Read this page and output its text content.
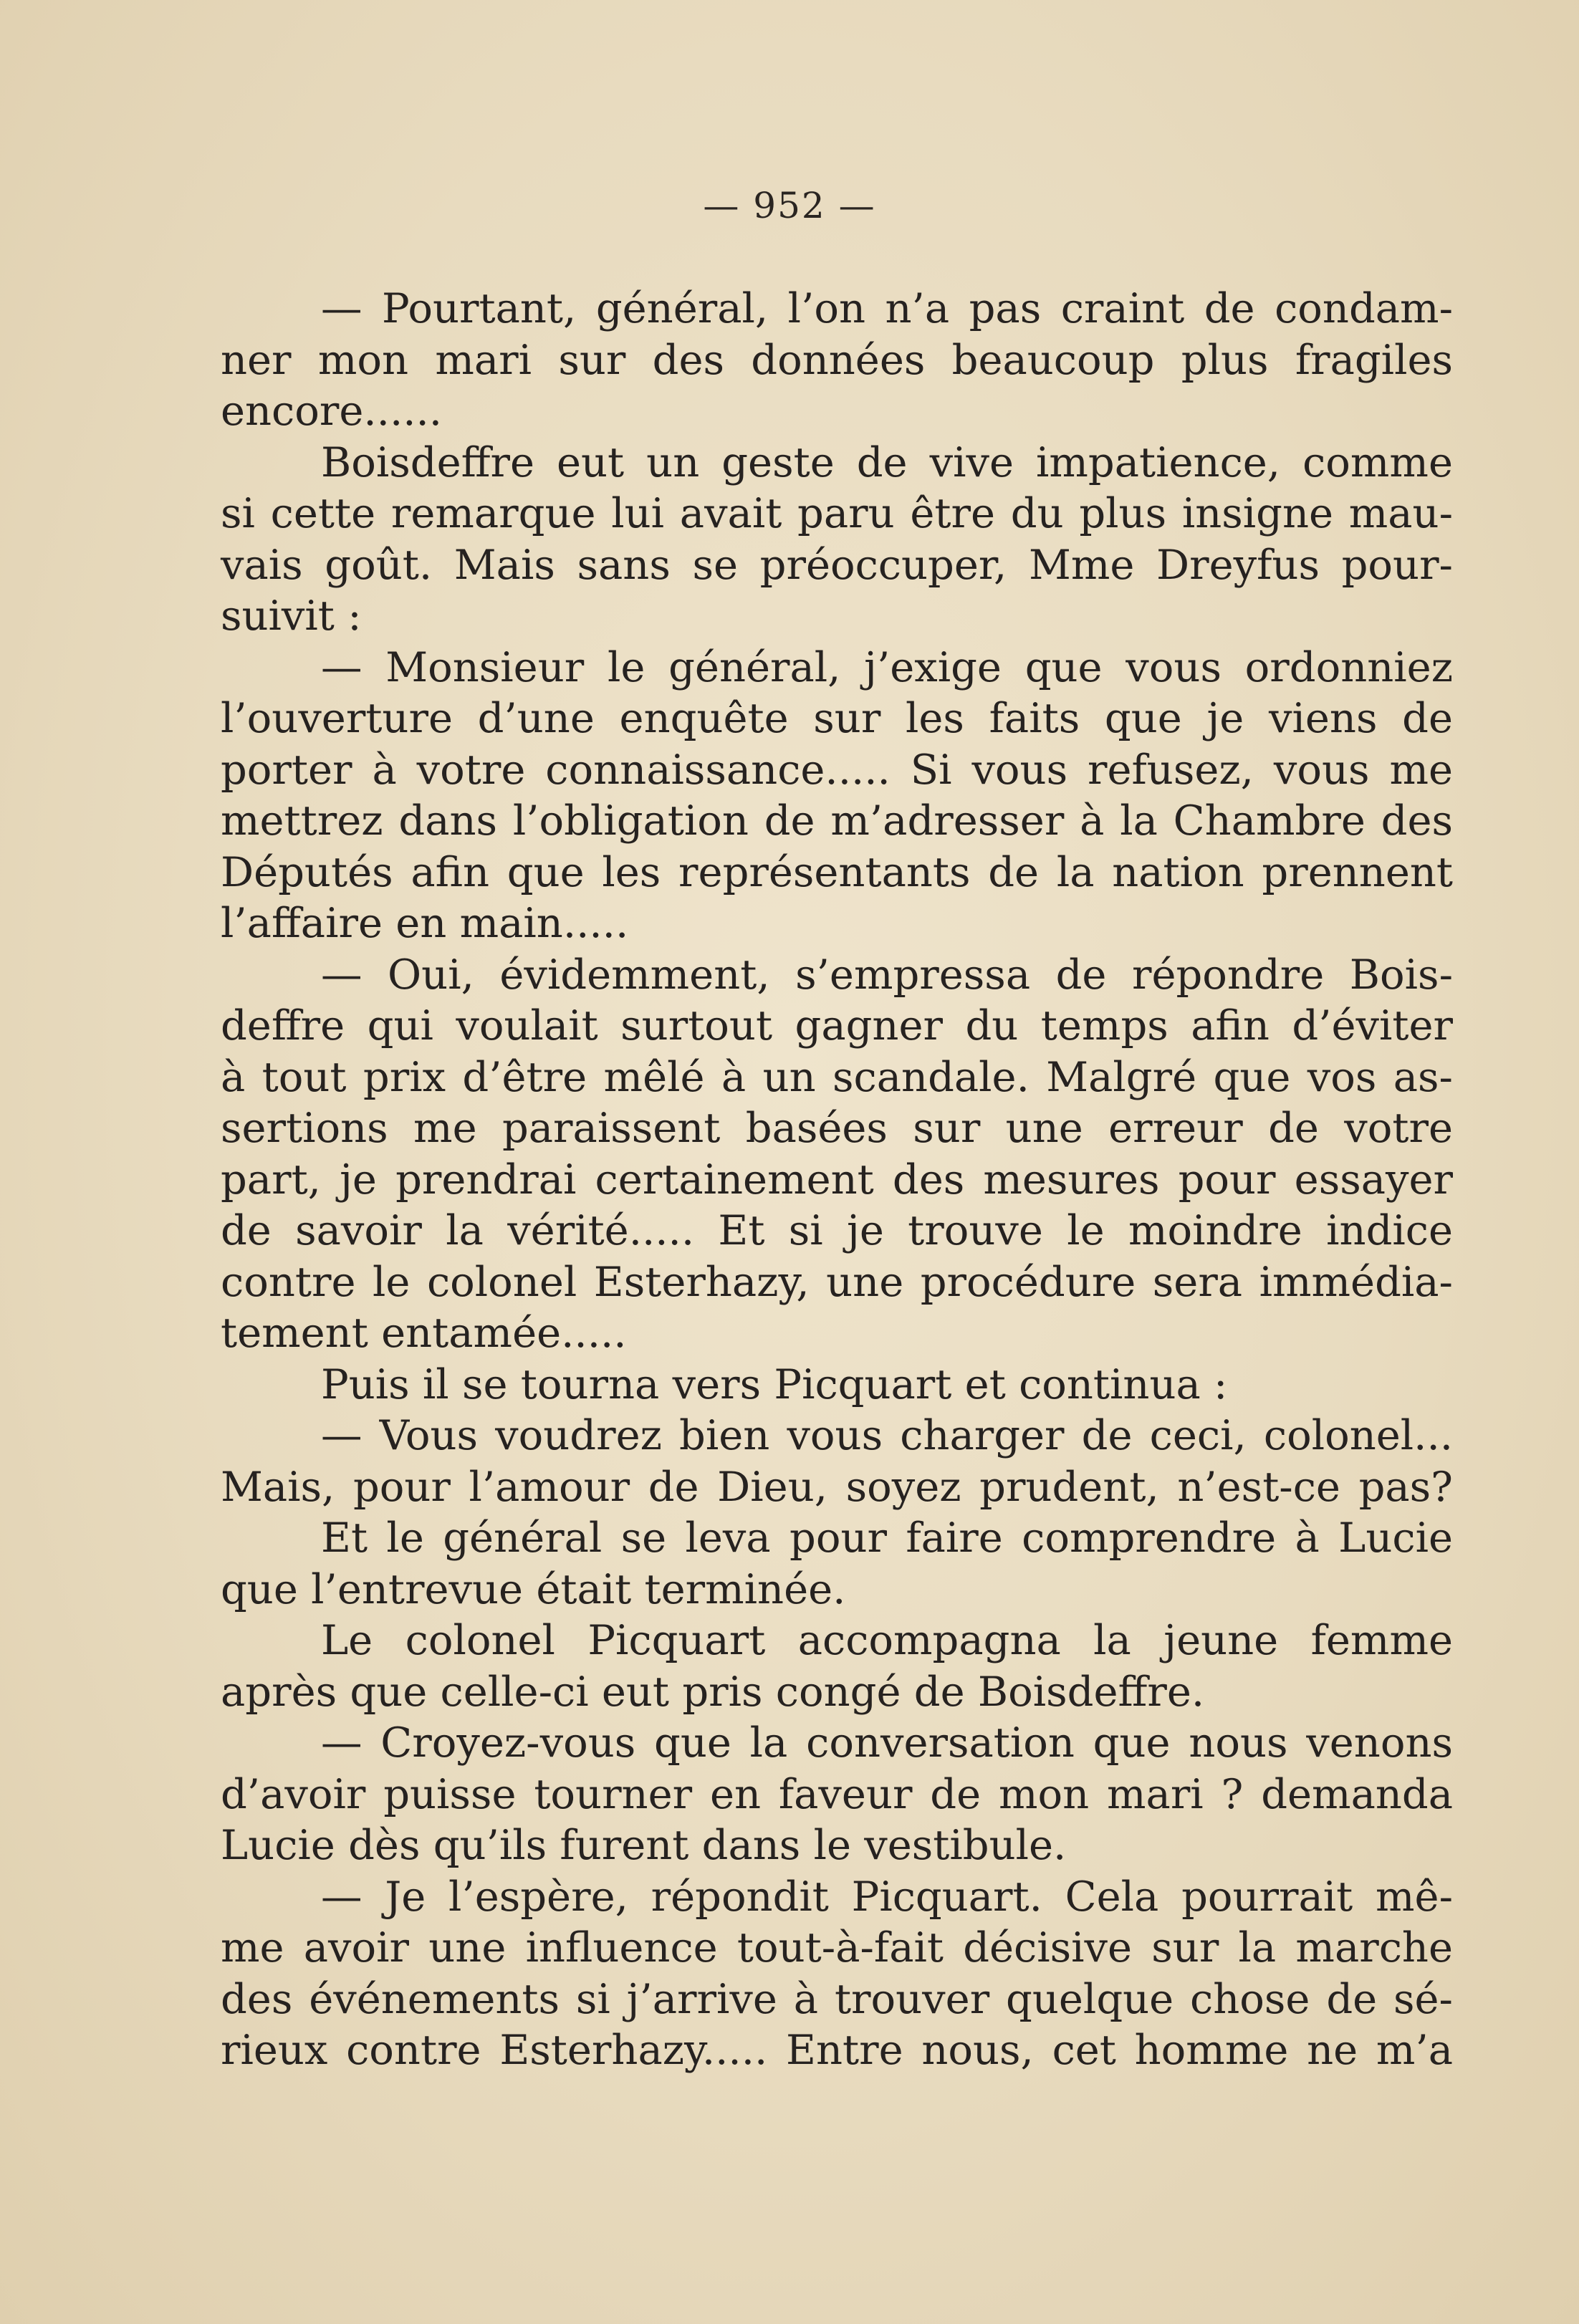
— 952 —
— Pourtant, général, l’on n’a pas craint de condam-
ner mon mari sur des données beaucoup plus fragiles
encore......
Boisdeffre eut un geste de vive impatience, comme
si cette remarque lui avait paru être du plus insigne mau-
vais goût. Mais sans se préoccuper, Mme Dreyfus pour-
suivit :
— Monsieur le général, j’exige que vous ordonniez
l’ouverture d’une enquête sur les faits que je viens de
porter à votre connaissance..... Si vous refusez, vous me
mettrez dans l’obligation de m’adresser à la Chambre des
Députés afin que les représentants de la nation prennent
l’affaire en main.....
— Oui, évidemment, s’empressa de répondre Bois-
deffre qui voulait surtout gagner du temps afin d’éviter
à tout prix d’être mêlé à un scandale. Malgré que vos as-
sertions me paraissent basées sur une erreur de votre
part, je prendrai certainement des mesures pour essayer
de savoir la vérité..... Et si je trouve le moindre indice
contre le colonel Esterhazy, une procédure sera immédia-
tement entamée.....
Puis il se tourna vers Picquart et continua :
— Vous voudrez bien vous charger de ceci, colonel...
Mais, pour l’amour de Dieu, soyez prudent, n’est-ce pas?
Et le général se leva pour faire comprendre à Lucie
que l’entrevue était terminée.
Le colonel Picquart accompagna la jeune femme
après que celle-ci eut pris congé de Boisdeffre.
— Croyez-vous que la conversation que nous venons
d’avoir puisse tourner en faveur de mon mari ? demanda
Lucie dès qu’ils furent dans le vestibule.
— Je l’espère, répondit Picquart. Cela pourrait mê-
me avoir une influence tout-à-fait décisive sur la marche
des événements si j’arrive à trouver quelque chose de sé-
rieux contre Esterhazy..... Entre nous, cet homme ne m’a
